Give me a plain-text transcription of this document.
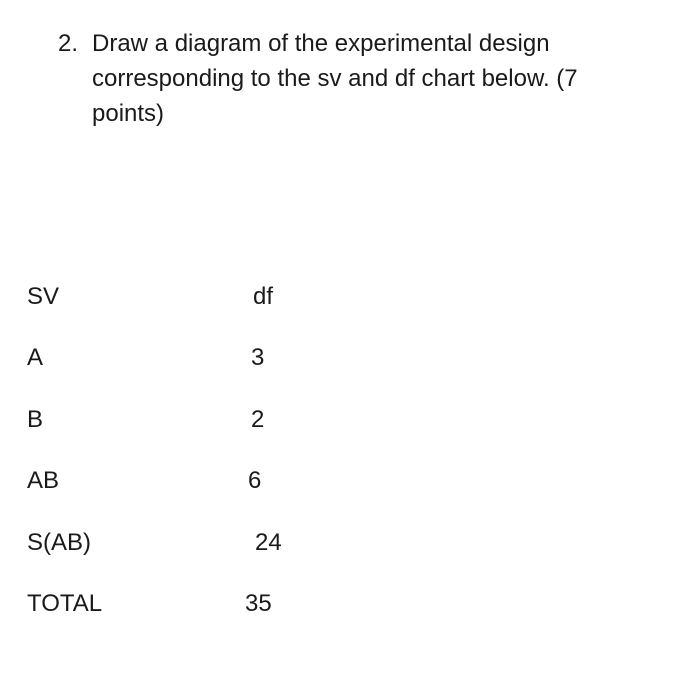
2. Draw a diagram of the experimental design
corresponding to the sv and df chart below. (7
points)
SV	df
A	3
B	2
AB	6
S(AB)	24
TOTAL	35
